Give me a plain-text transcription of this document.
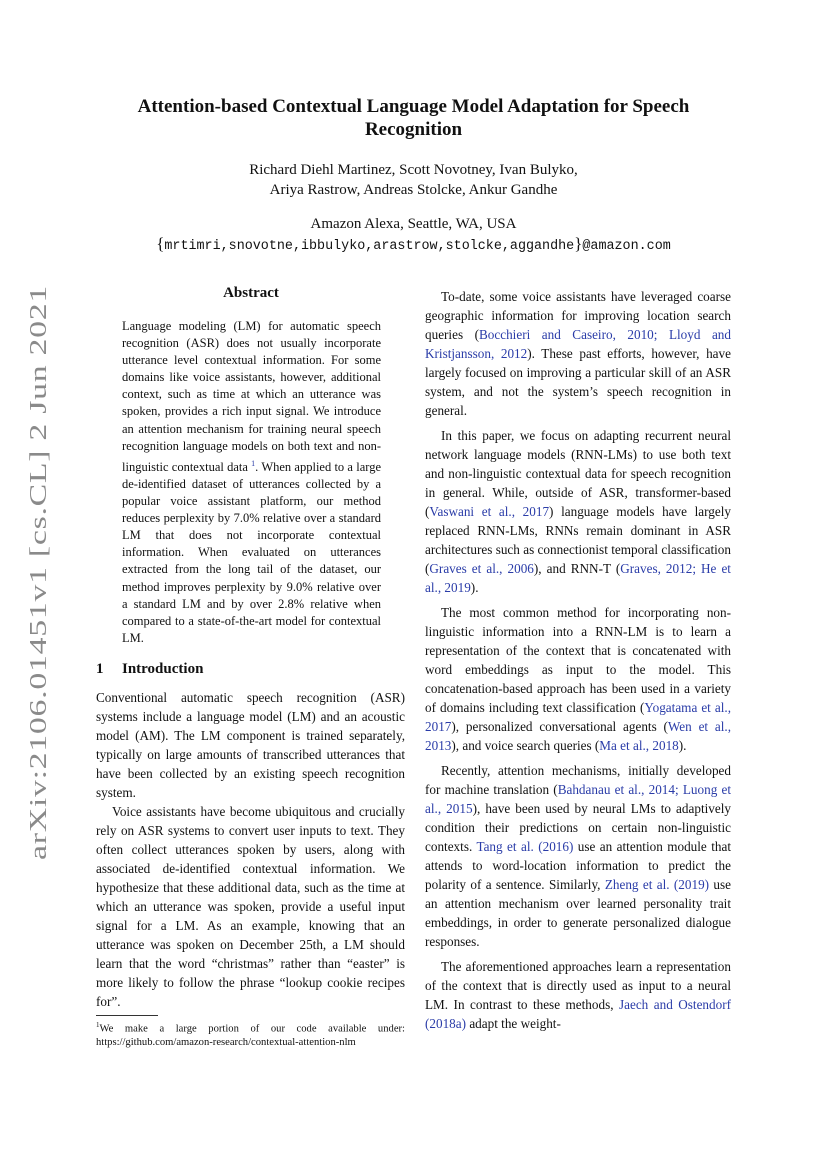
arXiv:2106.01451v1 [cs.CL] 2 Jun 2021
Attention-based Contextual Language Model Adaptation for Speech Recognition
Richard Diehl Martinez, Scott Novotney, Ivan Bulyko,
Ariya Rastrow, Andreas Stolcke, Ankur Gandhe
Amazon Alexa, Seattle, WA, USA
{mrtimri,snovotne,ibbulyko,arastrow,stolcke,aggandhe}@amazon.com
Abstract
Language modeling (LM) for automatic speech recognition (ASR) does not usually incorporate utterance level contextual information. For some domains like voice assistants, however, additional context, such as time at which an utterance was spoken, provides a rich input signal. We introduce an attention mechanism for training neural speech recognition language models on both text and non-linguistic contextual data $^1$. When applied to a large de-identified dataset of utterances collected by a popular voice assistant platform, our method reduces perplexity by 7.0% relative over a standard LM that does not incorporate contextual information. When evaluated on utterances extracted from the long tail of the dataset, our method improves perplexity by 9.0% relative over a standard LM and by over 2.8% relative when compared to a state-of-the-art model for contextual LM.
1 Introduction

Conventional automatic speech recognition (ASR) systems include a language model (LM) and an acoustic model (AM). The LM component is trained separately, typically on large amounts of transcribed utterances that have been collected by an existing speech recognition system.

Voice assistants have become ubiquitous and crucially rely on ASR systems to convert user inputs to text. They often collect utterances spoken by users, along with associated de-identified contextual information. We hypothesize that these additional data, such as the time at which an utterance was spoken, provide a useful input signal for a LM. As an example, knowing that an utterance was spoken on December 25th, a LM should learn that the word “christmas” rather than “easter” is more likely to follow the phrase “lookup cookie recipes for”.

$^1$We make a large portion of our code available under: https://github.com/amazon-research/contextual-attention-nlm

To-date, some voice assistants have leveraged coarse geographic information for improving location search queries (Bocchieri and Caseiro, 2010; Lloyd and Kristjansson, 2012). These past efforts, however, have largely focused on improving a particular skill of an ASR system, and not the system’s speech recognition in general.

In this paper, we focus on adapting recurrent neural network language models (RNN-LMs) to use both text and non-linguistic contextual data for speech recognition in general. While, outside of ASR, transformer-based (Vaswani et al., 2017) language models have largely replaced RNN-LMs, RNNs remain dominant in ASR architectures such as connectionist temporal classification (Graves et al., 2006), and RNN-T (Graves, 2012; He et al., 2019).

The most common method for incorporating non-linguistic information into a RNN-LM is to learn a representation of the context that is concatenated with word embeddings as input to the model. This concatenation-based approach has been used in a variety of domains including text classification (Yogatama et al., 2017), personalized conversational agents (Wen et al., 2013), and voice search queries (Ma et al., 2018).

Recently, attention mechanisms, initially developed for machine translation (Bahdanau et al., 2014; Luong et al., 2015), have been used by neural LMs to adaptively condition their predictions on certain non-linguistic contexts. Tang et al. (2016) use an attention module that attends to word-location information to predict the polarity of a sentence. Similarly, Zheng et al. (2019) use an attention mechanism over learned personality trait embeddings, in order to generate personalized dialogue responses.

The aforementioned approaches learn a representation of the context that is directly used as input to a neural LM. In contrast to these methods, Jaech and Ostendorf (2018a) adapt the weight-
